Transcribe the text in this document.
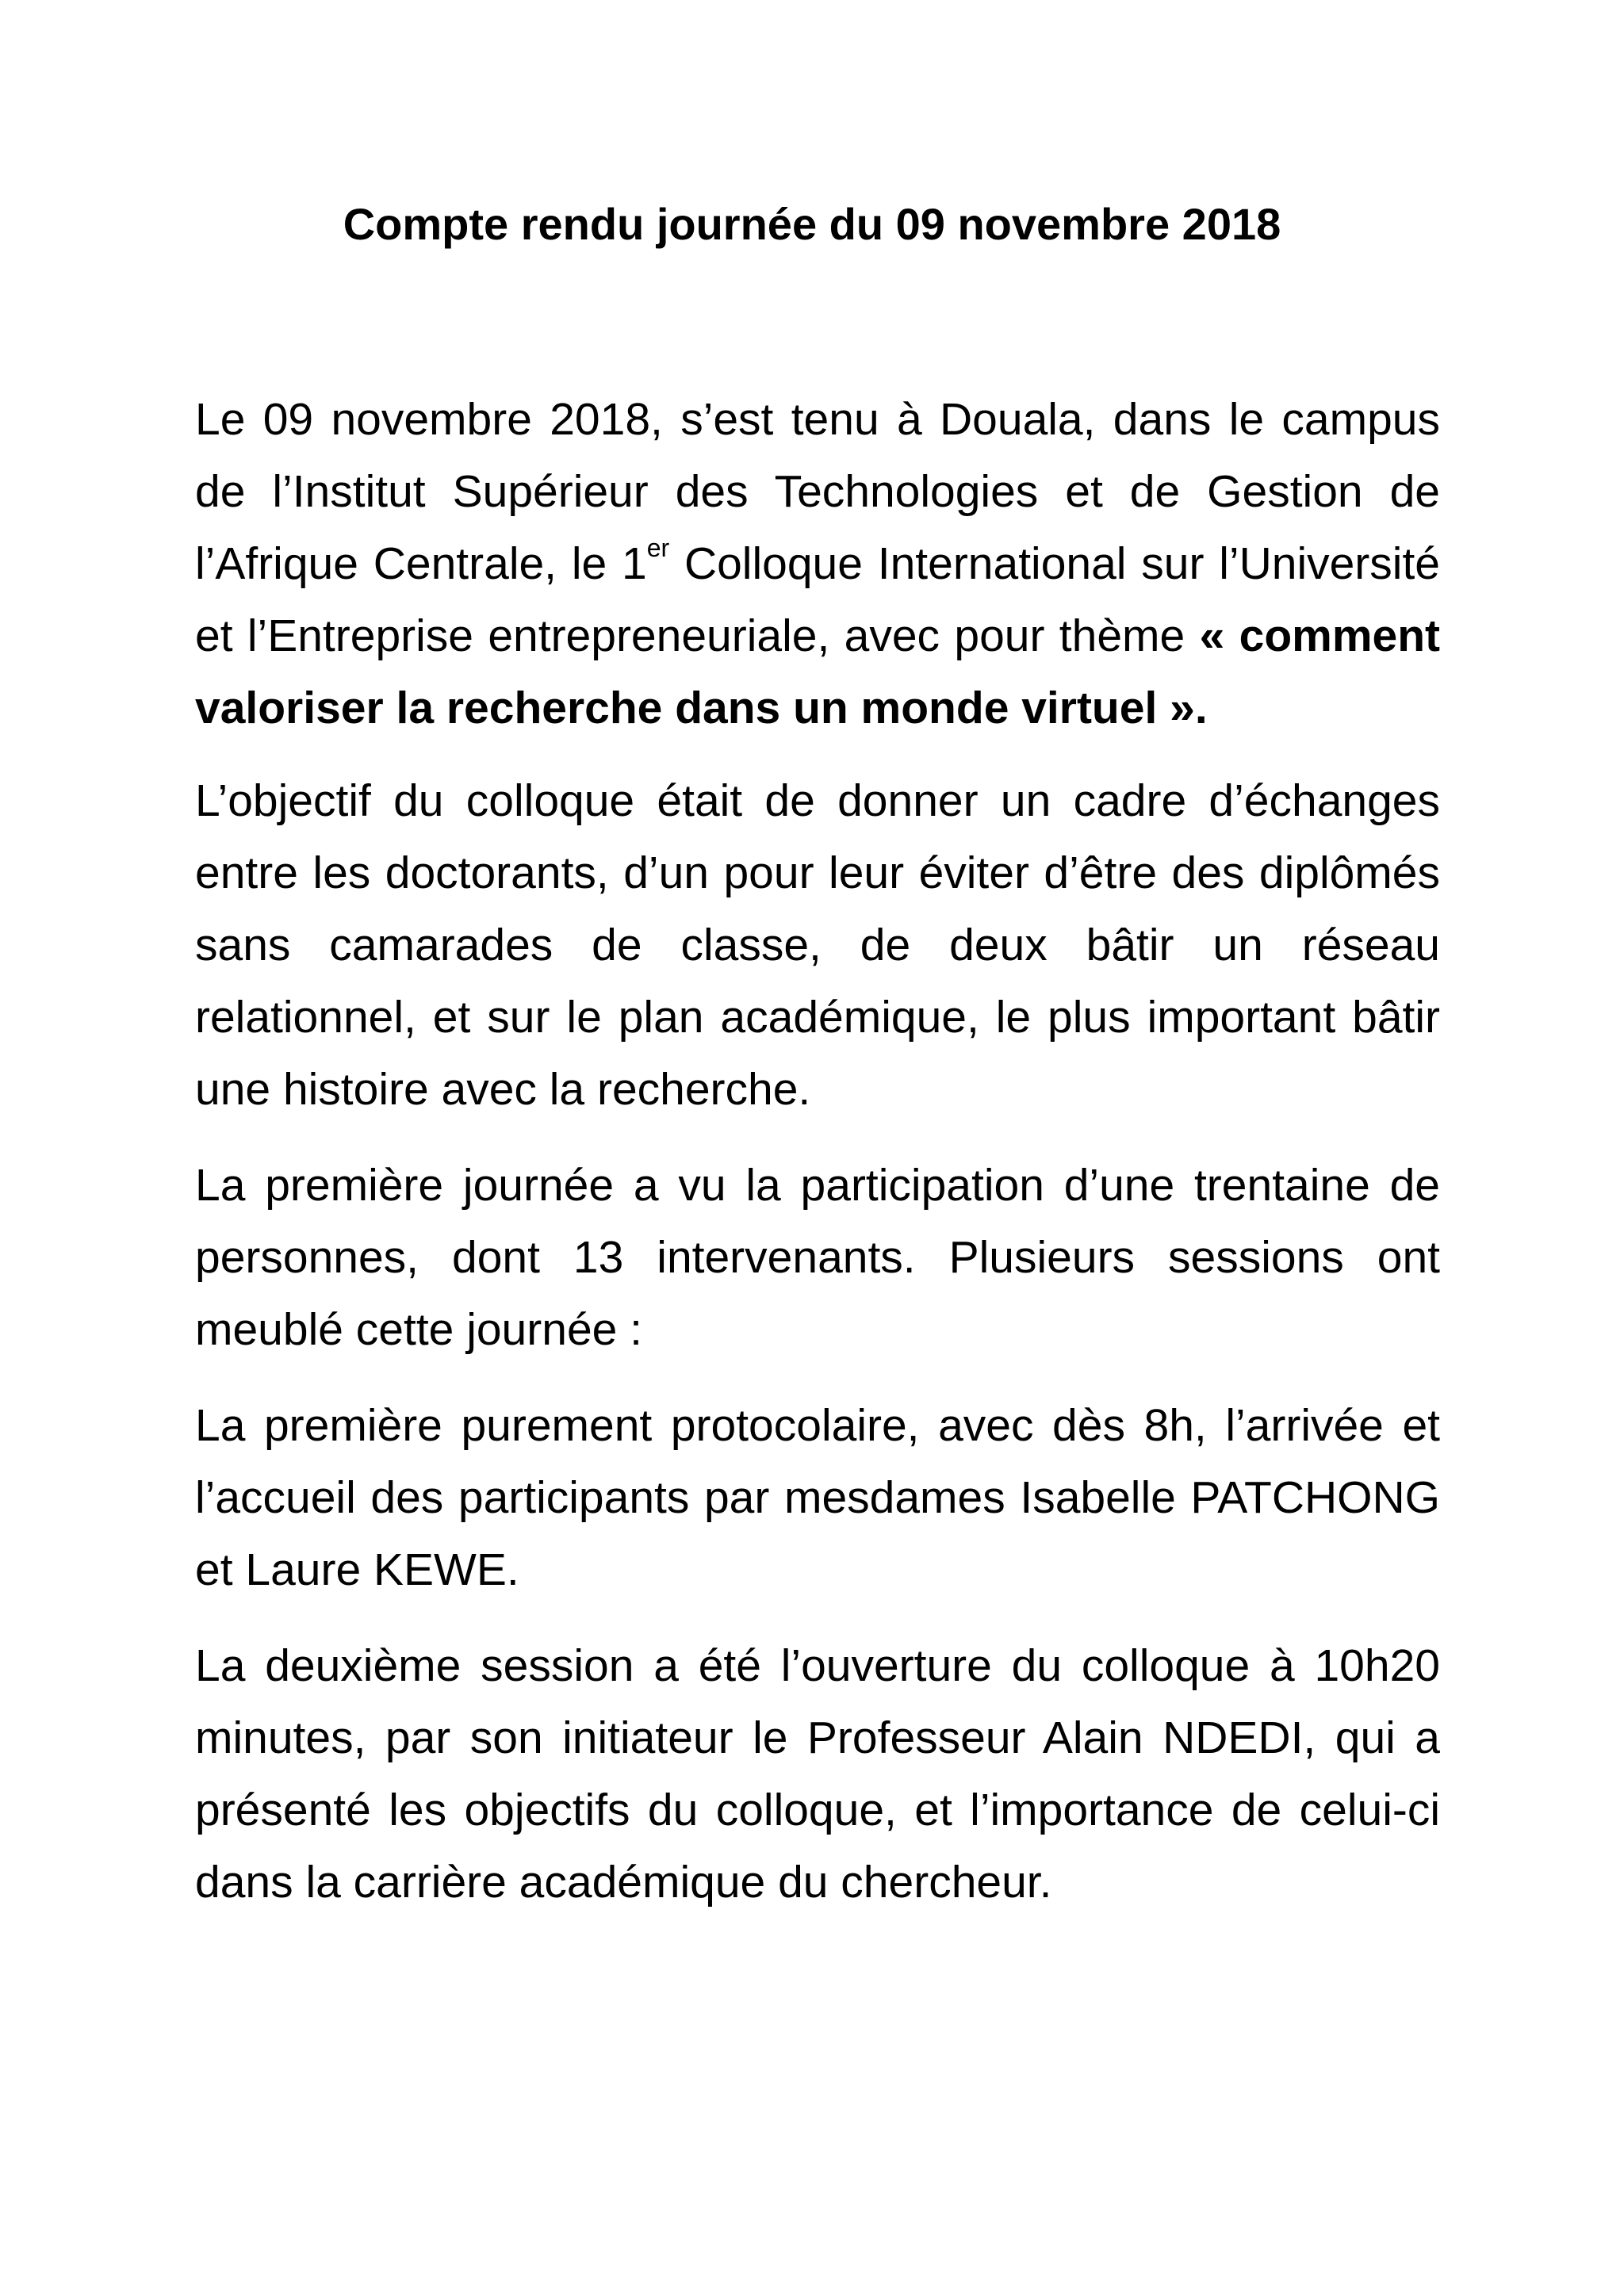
Compte rendu journée du 09 novembre 2018

Le 09 novembre 2018, s’est tenu à Douala, dans le campus de l’Institut Supérieur des Technologies et de Gestion de l’Afrique Centrale, le 1er Colloque International sur l’Université et l’Entreprise entrepreneuriale, avec pour thème « comment valoriser la recherche dans un monde virtuel ».

L’objectif du colloque était de donner un cadre d’échanges entre les doctorants, d’un pour leur éviter d’être des diplômés sans camarades de classe, de deux bâtir un réseau relationnel, et sur le plan académique, le plus important bâtir une histoire avec la recherche.

La première journée a vu la participation d’une trentaine de personnes, dont 13 intervenants. Plusieurs sessions ont meublé cette journée :

La première purement protocolaire, avec dès 8h, l’arrivée et l’accueil des participants par mesdames Isabelle PATCHONG et Laure KEWE.

La deuxième session a été l’ouverture du colloque à 10h20 minutes, par son initiateur le Professeur Alain NDEDI, qui a présenté les objectifs du colloque, et l’importance de celui-ci dans la carrière académique du chercheur.
